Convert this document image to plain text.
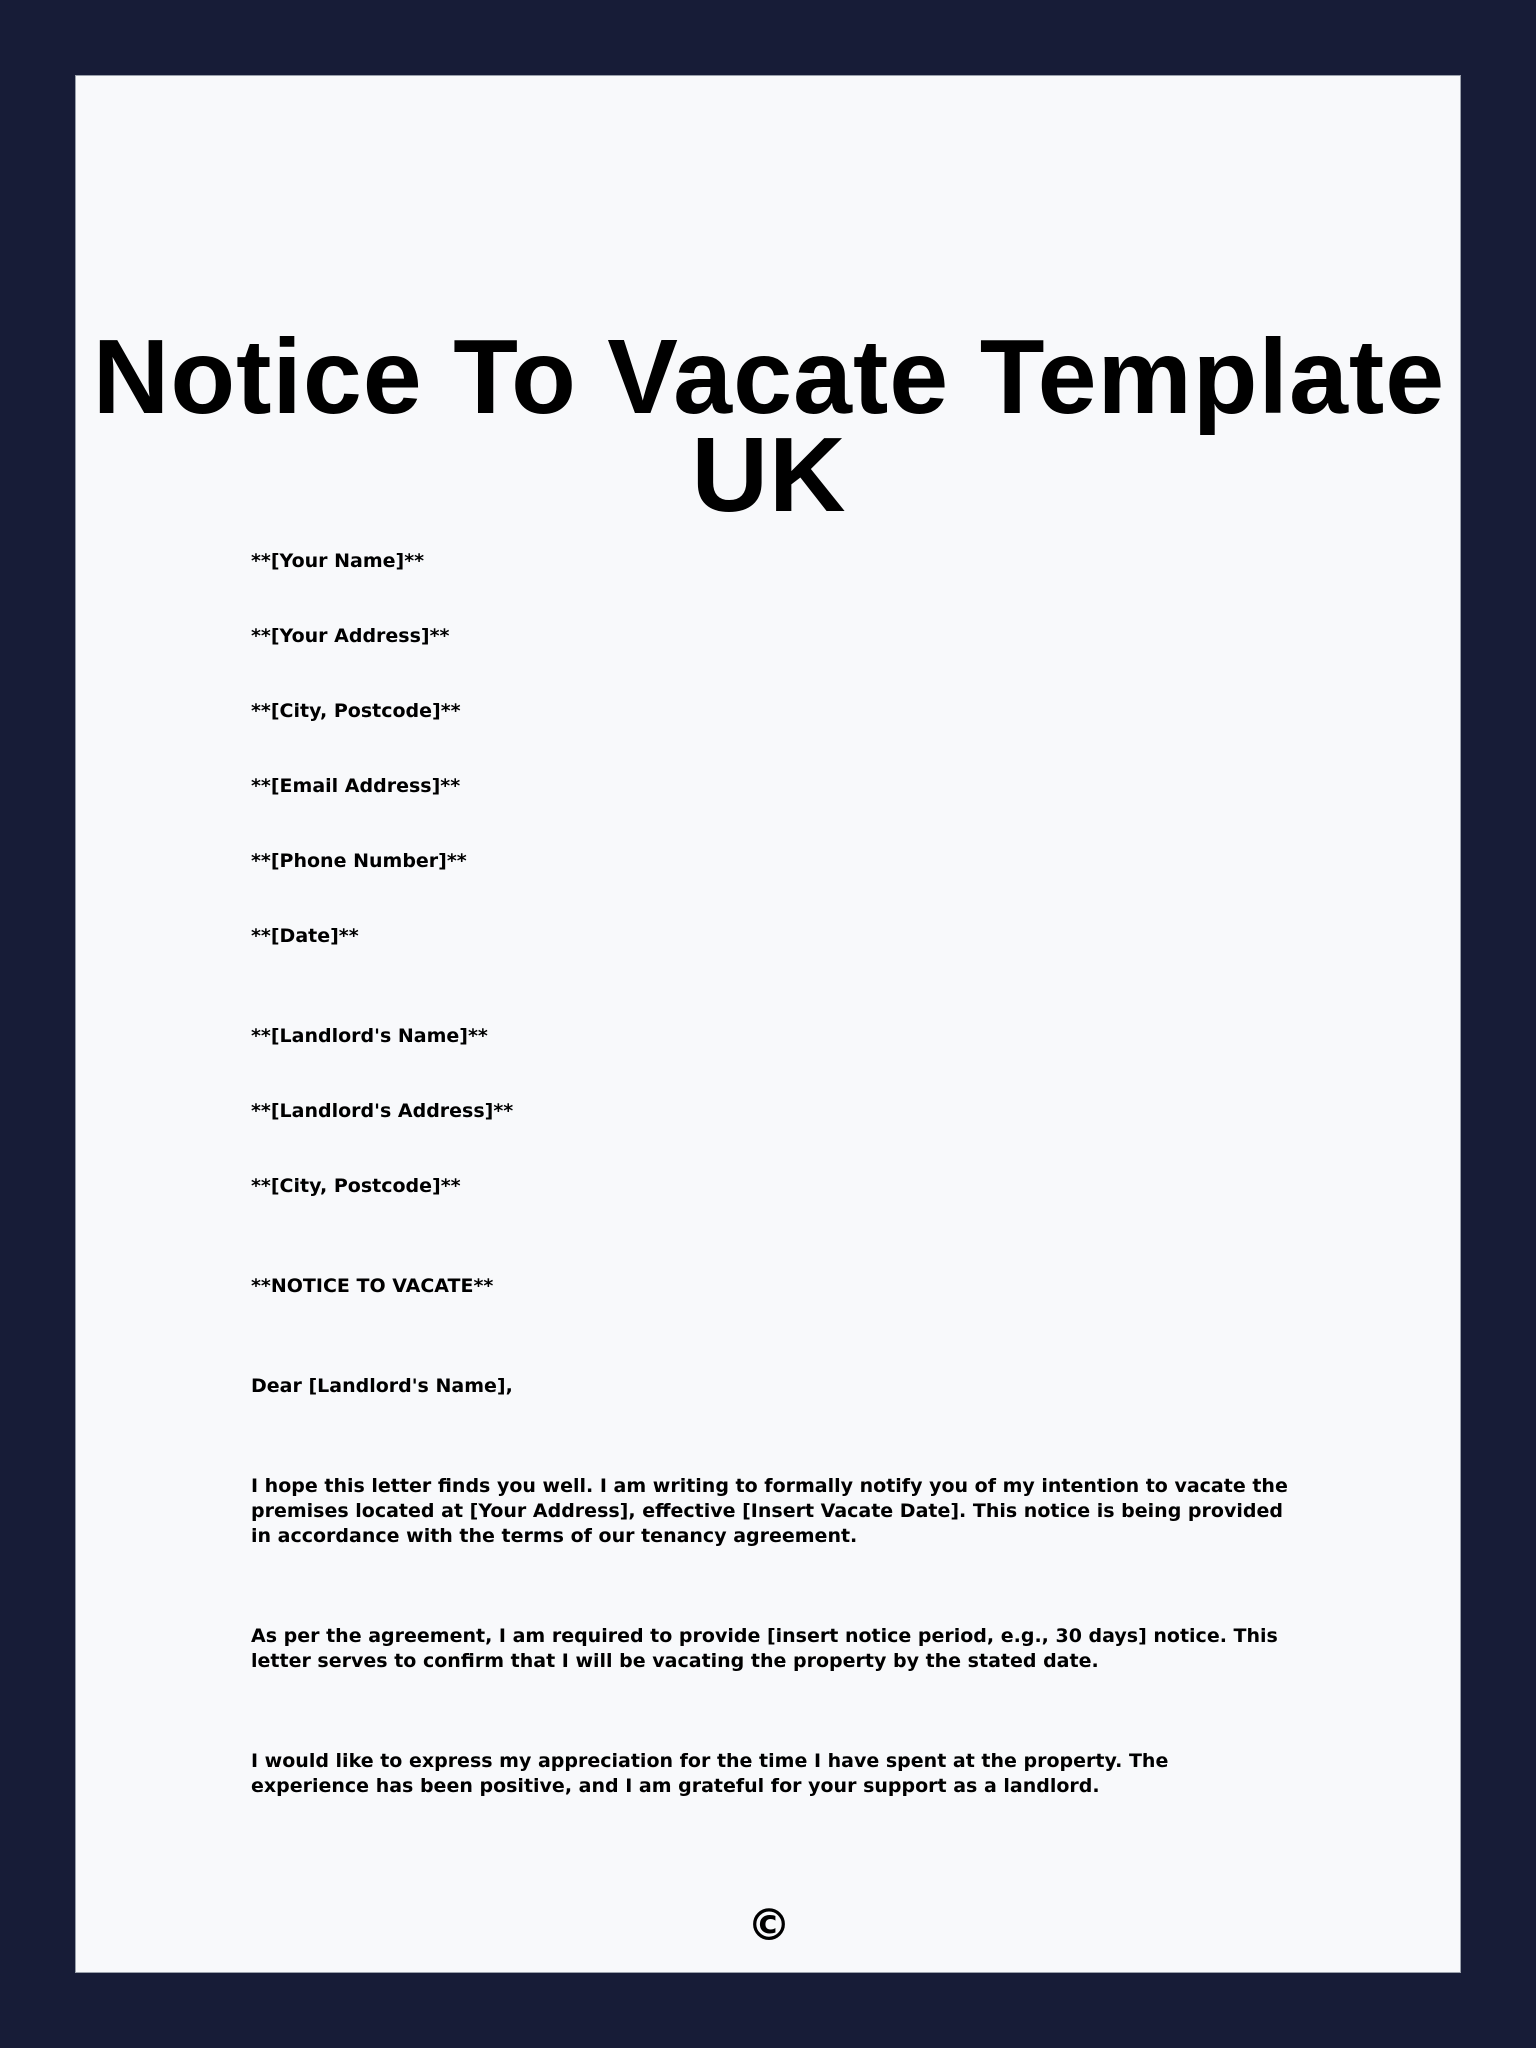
Notice To Vacate Template UK

**[Your Name]**

**[Your Address]**

**[City, Postcode]**

**[Email Address]**

**[Phone Number]**

**[Date]**

**[Landlord's Name]**

**[Landlord's Address]**

**[City, Postcode]**

**NOTICE TO VACATE**

Dear [Landlord's Name],

I hope this letter finds you well. I am writing to formally notify you of my intention to vacate the premises located at [Your Address], effective [Insert Vacate Date]. This notice is being provided in accordance with the terms of our tenancy agreement.

As per the agreement, I am required to provide [insert notice period, e.g., 30 days] notice. This letter serves to confirm that I will be vacating the property by the stated date.

I would like to express my appreciation for the time I have spent at the property. The experience has been positive, and I am grateful for your support as a landlord.

©
